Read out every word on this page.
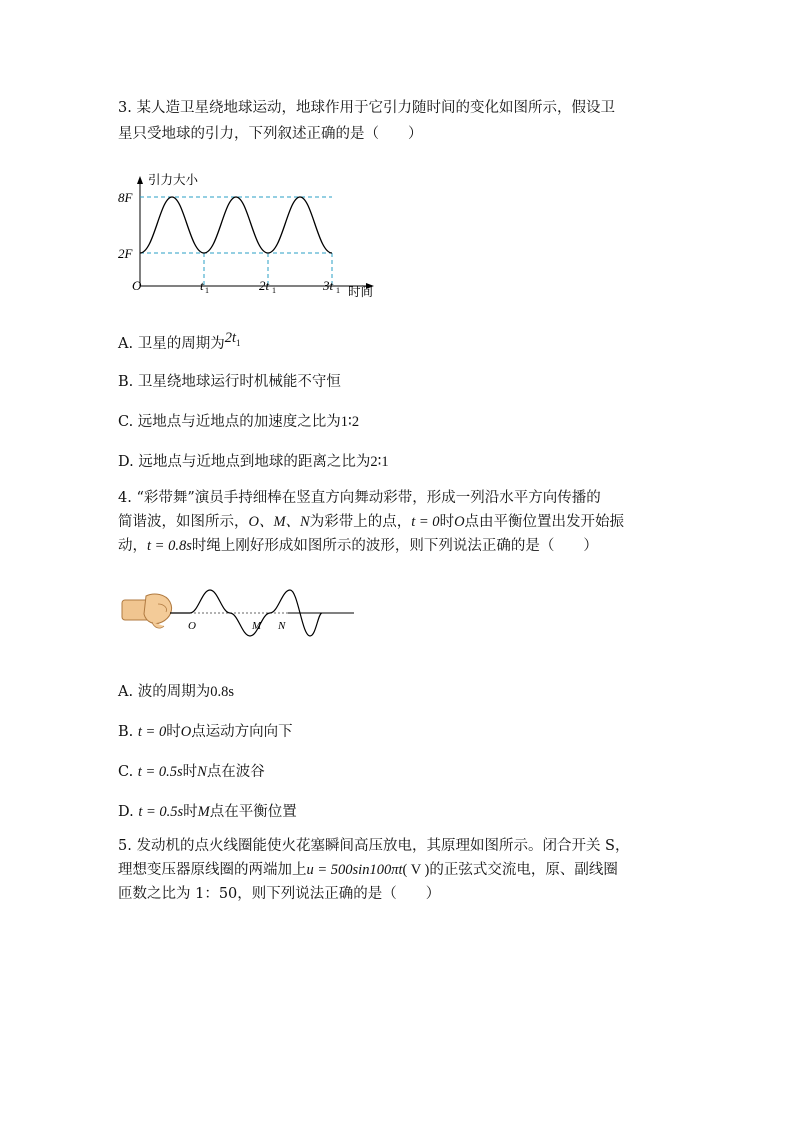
3. 某人造卫星绕地球运动，地球作用于它引力随时间的变化如图所示，假设卫
星只受地球的引力，下列叙述正确的是（　　）
引力大小
8F
2F
O	t 1	2t 1	3t 1 时间
A. 卫星的周期为$2t_1$
B. 卫星绕地球运行时机械能不守恒
C. 远地点与近地点的加速度之比为1∶2
D. 远地点与近地点到地球的距离之比为2∶1
4. “彩带舞”演员手持细棒在竖直方向舞动彩带，形成一列沿水平方向传播的
简谐波，如图所示，O、M、N为彩带上的点，t = 0时O点由平衡位置出发开始振
动，t = 0.8s时绳上刚好形成如图所示的波形，则下列说法正确的是（　　）
O	M N
A. 波的周期为0.8s
B. t = 0时O点运动方向向下
C. t = 0.5s时N点在波谷
D. t = 0.5s时M点在平衡位置
5. 发动机的点火线圈能使火花塞瞬间高压放电，其原理如图所示。闭合开关 S，
理想变压器原线圈的两端加上u = 500sin100πt( V )的正弦式交流电，原、副线圈
匝数之比为 1：50，则下列说法正确的是（　　）
